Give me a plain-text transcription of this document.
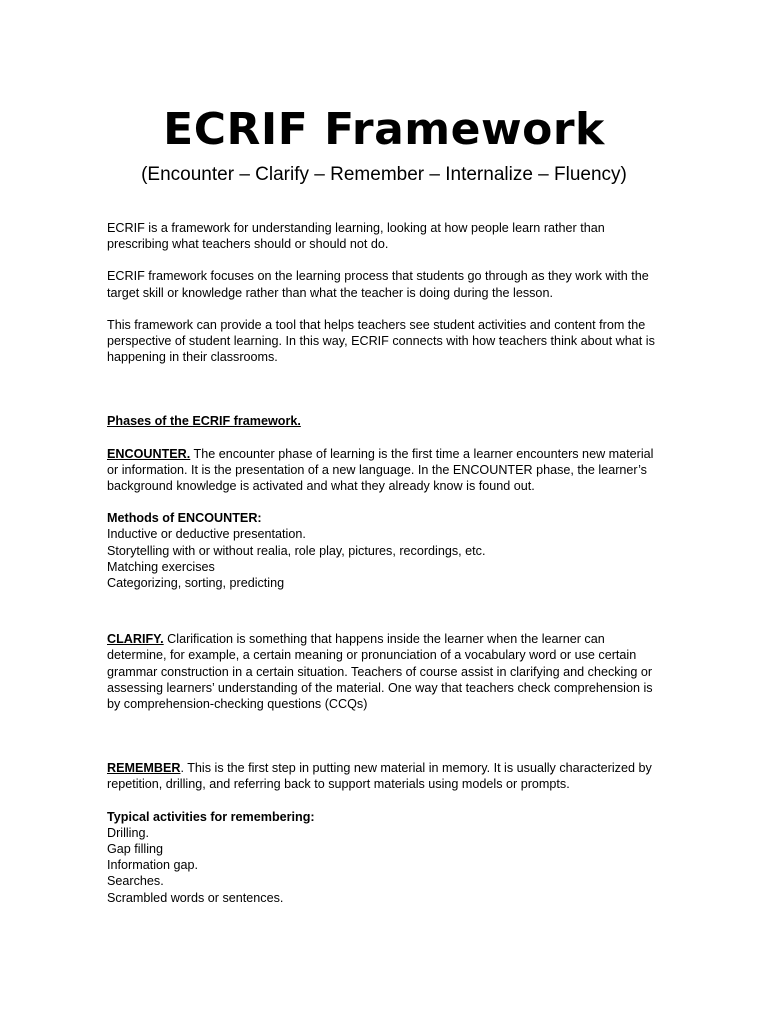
ECRIF Framework
(Encounter – Clarify – Remember – Internalize – Fluency)

ECRIF is a framework for understanding learning, looking at how people learn rather than prescribing what teachers should or should not do.

ECRIF framework focuses on the learning process that students go through as they work with the target skill or knowledge rather than what the teacher is doing during the lesson.

This framework can provide a tool that helps teachers see student activities and content from the perspective of student learning. In this way, ECRIF connects with how teachers think about what is happening in their classrooms.

Phases of the ECRIF framework.

ENCOUNTER. The encounter phase of learning is the first time a learner encounters new material or information. It is the presentation of a new language. In the ENCOUNTER phase, the learner’s background knowledge is activated and what they already know is found out.

Methods of ENCOUNTER:

Inductive or deductive presentation.
Storytelling with or without realia, role play, pictures, recordings, etc.
Matching exercises
Categorizing, sorting, predicting

CLARIFY. Clarification is something that happens inside the learner when the learner can determine, for example, a certain meaning or pronunciation of a vocabulary word or use certain grammar construction in a certain situation. Teachers of course assist in clarifying and checking or assessing learners’ understanding of the material. One way that teachers check comprehension is by comprehension-checking questions (CCQs)

REMEMBER. This is the first step in putting new material in memory. It is usually characterized by repetition, drilling, and referring back to support materials using models or prompts.

Typical activities for remembering:

Drilling.
Gap filling
Information gap.
Searches.
Scrambled words or sentences.
